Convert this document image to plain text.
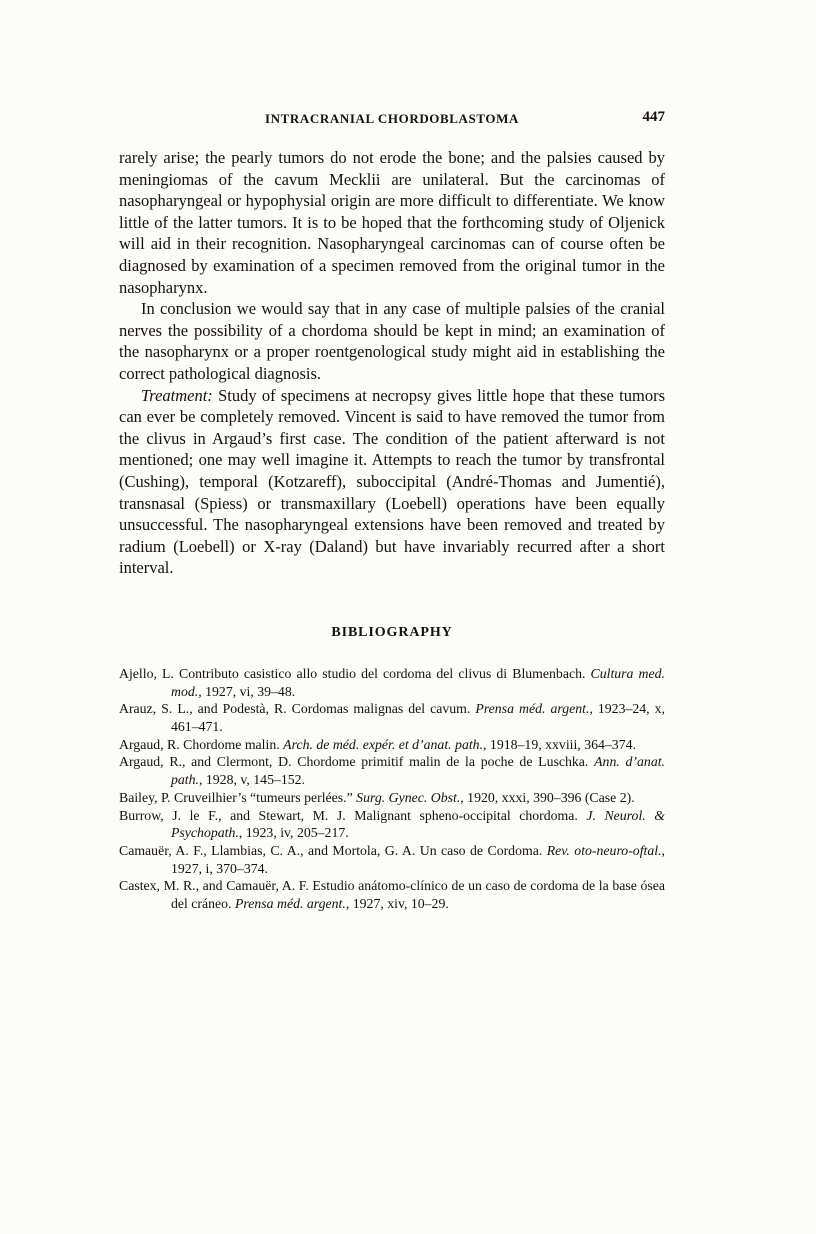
INTRACRANIAL CHORDOBLASTOMA	447

rarely arise; the pearly tumors do not erode the bone; and the palsies caused by meningiomas of the cavum Mecklii are unilateral. But the carcinomas of nasopharyngeal or hypophysial origin are more difficult to differentiate. We know little of the latter tumors. It is to be hoped that the forthcoming study of Oljenick will aid in their recognition. Nasopharyngeal carcinomas can of course often be diagnosed by examination of a specimen removed from the original tumor in the nasopharynx.

In conclusion we would say that in any case of multiple palsies of the cranial nerves the possibility of a chordoma should be kept in mind; an examination of the nasopharynx or a proper roentgenological study might aid in establishing the correct pathological diagnosis.

Treatment: Study of specimens at necropsy gives little hope that these tumors can ever be completely removed. Vincent is said to have removed the tumor from the clivus in Argaud’s first case. The condition of the patient afterward is not mentioned; one may well imagine it. Attempts to reach the tumor by transfrontal (Cushing), temporal (Kotzareff), suboccipital (André-Thomas and Jumentié), transnasal (Spiess) or transmaxillary (Loebell) operations have been equally unsuccessful. The nasopharyngeal extensions have been removed and treated by radium (Loebell) or X-ray (Daland) but have invariably recurred after a short interval.

BIBLIOGRAPHY

Ajello, L. Contributo casistico allo studio del cordoma del clivus di Blumenbach. Cultura med. mod., 1927, vi, 39–48.

Arauz, S. L., and Podestà, R. Cordomas malignas del cavum. Prensa méd. argent., 1923–24, x, 461–471.

Argaud, R. Chordome malin. Arch. de méd. expér. et d’anat. path., 1918–19, xxviii, 364–374.

Argaud, R., and Clermont, D. Chordome primitif malin de la poche de Luschka. Ann. d’anat. path., 1928, v, 145–152.

Bailey, P. Cruveilhier’s “tumeurs perlées.” Surg. Gynec. Obst., 1920, xxxi, 390–396 (Case 2).

Burrow, J. le F., and Stewart, M. J. Malignant spheno-occipital chordoma. J. Neurol. & Psychopath., 1923, iv, 205–217.

Camauër, A. F., Llambias, C. A., and Mortola, G. A. Un caso de Cordoma. Rev. oto-neuro-oftal., 1927, i, 370–374.

Castex, M. R., and Camauër, A. F. Estudio anátomo-clínico de un caso de cordoma de la base ósea del cráneo. Prensa méd. argent., 1927, xiv, 10–29.
